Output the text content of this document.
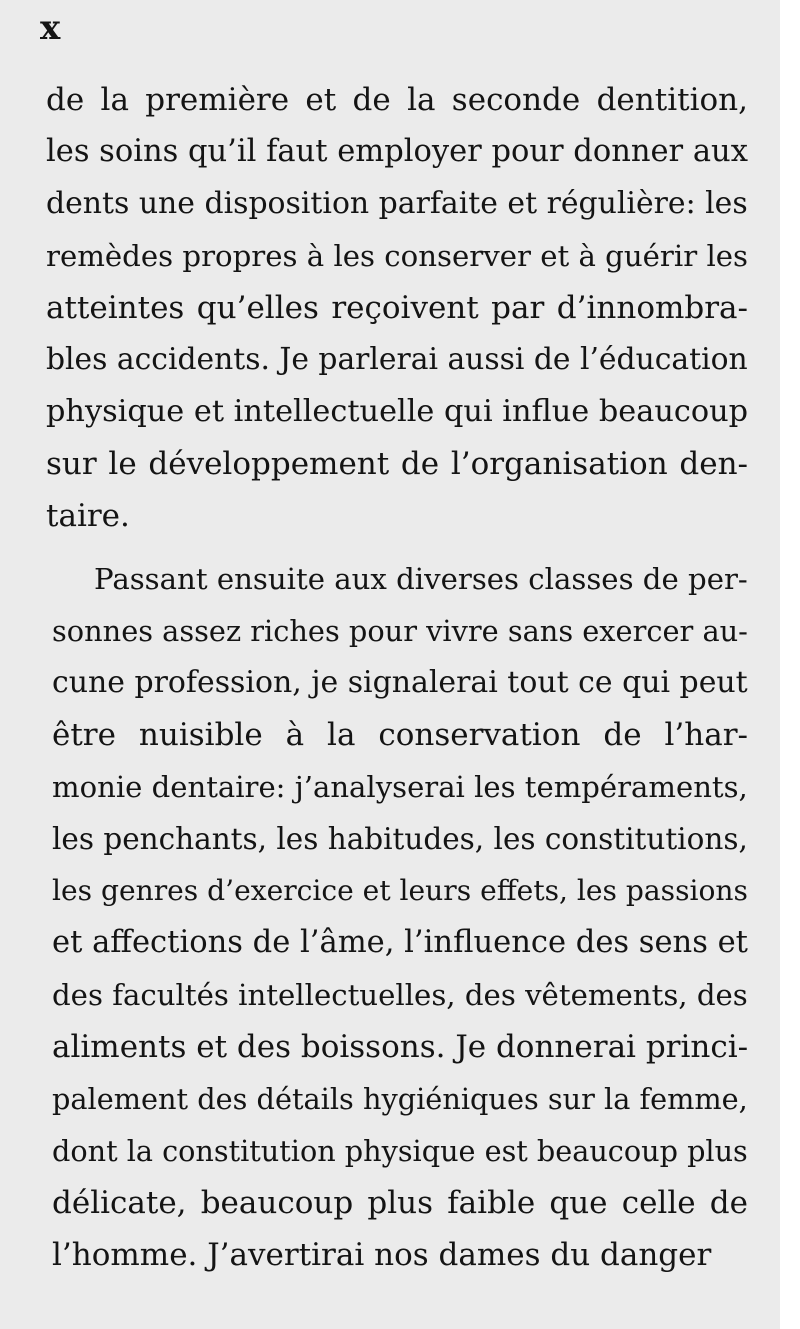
x
de la première et de la seconde dentition,
les soins qu’il faut employer pour donner aux
dents une disposition parfaite et régulière: les
remèdes propres à les conserver et à guérir les
atteintes qu’elles reçoivent par d’innombra-
bles accidents. Je parlerai aussi de l’éducation
physique et intellectuelle qui influe beaucoup
sur le développement de l’organisation den-
taire.
Passant ensuite aux diverses classes de per-
sonnes assez riches pour vivre sans exercer au-
cune profession, je signalerai tout ce qui peut
être nuisible à la conservation de l’har-
monie dentaire: j’analyserai les tempéraments,
les penchants, les habitudes, les constitutions,
les genres d’exercice et leurs effets, les passions
et affections de l’âme, l’influence des sens et
des facultés intellectuelles, des vêtements, des
aliments et des boissons. Je donnerai princi-
palement des détails hygiéniques sur la femme,
dont la constitution physique est beaucoup plus
délicate, beaucoup plus faible que celle de
l’homme. J’avertirai nos dames du danger
